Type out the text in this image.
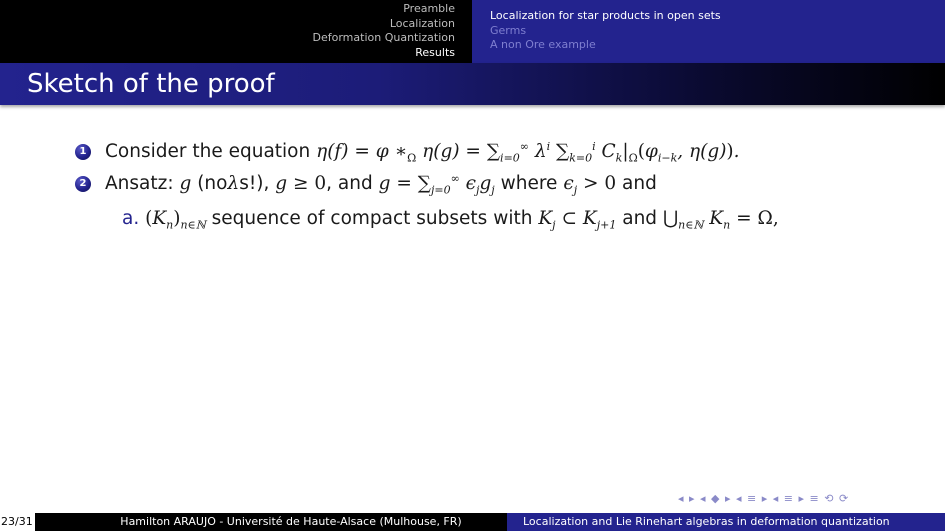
Preamble
Localization
Deformation Quantization
Results
Localization for star products in open sets
Germs
A non Ore example
Sketch of the proof
1 Consider the equation η(f) = φ $∗_\Omega$ $\eta(g) = \sum_{i=0}^\infty$ $\lambda^i$ $\sum_{k=0}^i$ $C_k|_\Omega(\varphi_{i-k}$, η(g)).
2 Ansatz: g (noλs!), g ≥ 0, and $g = \sum_{j=0}^\infty$ $\epsilon_jg_j$ where $\epsilon_j > 0$ and
a. $(K_n)_{n\in ℕ}$ sequence of compact subsets with $K_j$ ⊂ $K_{j+1}$ and $⋃_{n\in ℕ}$ $K_n = \Omega$,
◂ ▸ ◂ ◆ ▸ ◂ ≡ ▸ ◂ ≡ ▸ ≡ ⟲ ⟳
23/31	Hamilton ARAUJO - Université de Haute-Alsace (Mulhouse, FR)	Localization and Lie Rinehart algebras in deformation quantization
